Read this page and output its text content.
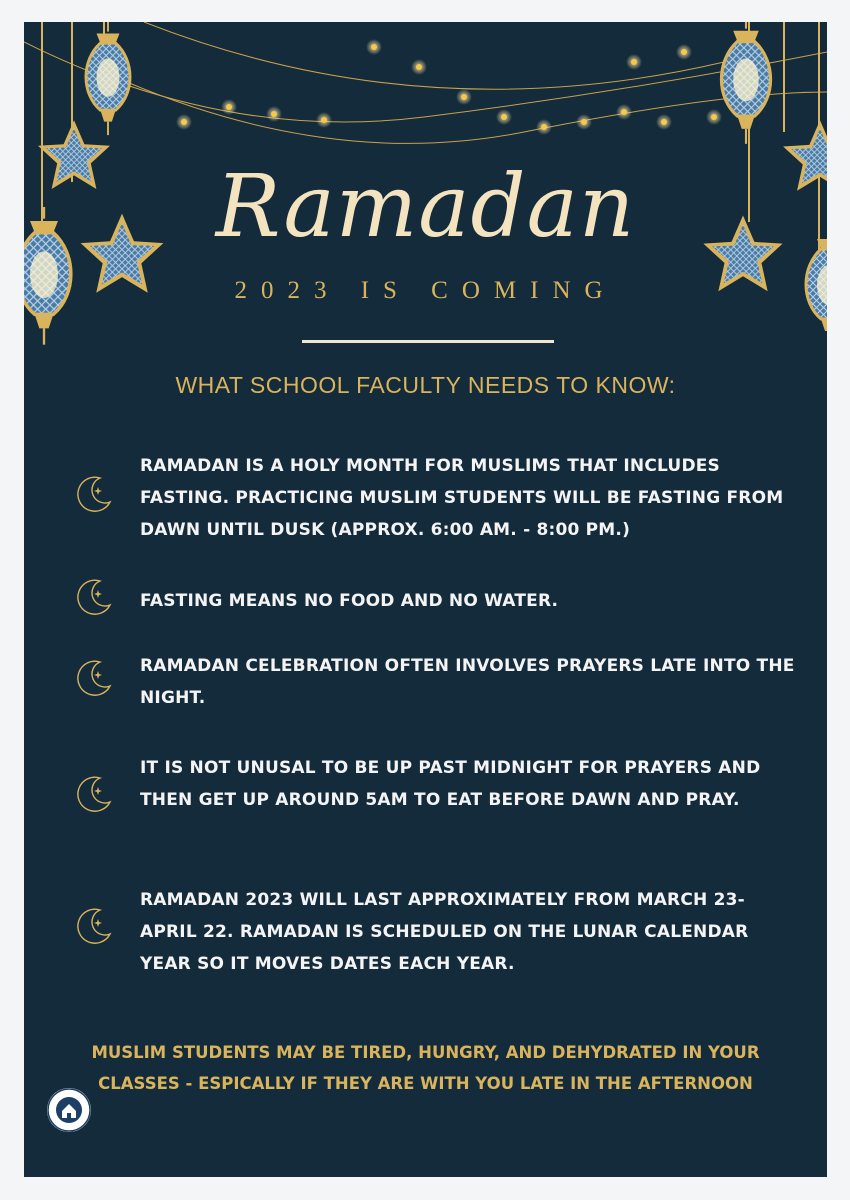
Ramadan
2023 IS COMING
WHAT SCHOOL FACULTY NEEDS TO KNOW:
RAMADAN IS A HOLY MONTH FOR MUSLIMS THAT INCLUDES FASTING. PRACTICING MUSLIM STUDENTS WILL BE FASTING FROM DAWN UNTIL DUSK (APPROX. 6:00 AM. - 8:00 PM.)
FASTING MEANS NO FOOD AND NO WATER.
RAMADAN CELEBRATION OFTEN INVOLVES PRAYERS LATE INTO THE NIGHT.
IT IS NOT UNUSAL TO BE UP PAST MIDNIGHT FOR PRAYERS AND THEN GET UP AROUND 5AM TO EAT BEFORE DAWN AND PRAY.
RAMADAN 2023 WILL LAST APPROXIMATELY FROM MARCH 23- APRIL 22. RAMADAN IS SCHEDULED ON THE LUNAR CALENDAR YEAR SO IT MOVES DATES EACH YEAR.
MUSLIM STUDENTS MAY BE TIRED, HUNGRY, AND DEHYDRATED IN YOUR CLASSES - ESPICALLY IF THEY ARE WITH YOU LATE IN THE AFTERNOON
